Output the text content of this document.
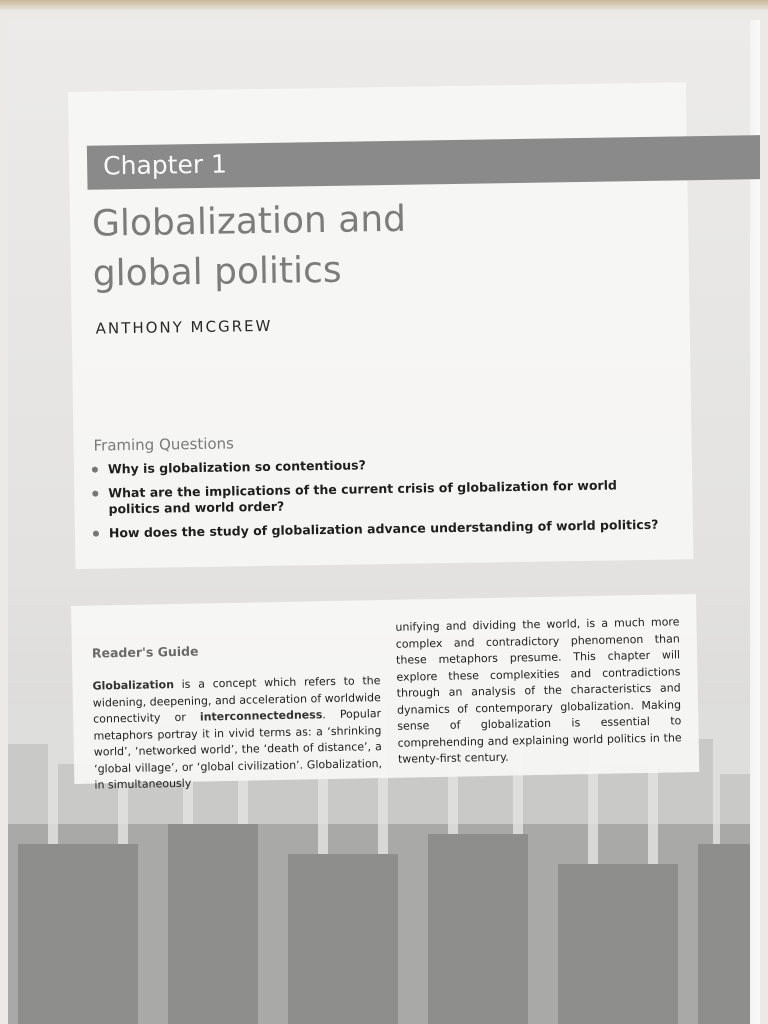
Chapter 1
Globalization and
global politics
ANTHONY MCGREW
Framing Questions
Why is globalization so contentious?
What are the implications of the current crisis of globalization for world politics and world order?
How does the study of globalization advance understanding of world politics?
Reader's Guide

Globalization is a concept which refers to the widening, deepening, and acceleration of worldwide connectivity or interconnectedness. Popular metaphors portray it in vivid terms as: a ‘shrinking world’, ‘networked world’, the ‘death of distance’, a ‘global village’, or ‘global civilization’. Globalization, in simultaneously

unifying and dividing the world, is a much more complex and contradictory phenomenon than these metaphors presume. This chapter will explore these complexities and contradictions through an analysis of the characteristics and dynamics of contemporary globalization. Making sense of globalization is essential to comprehending and explaining world politics in the twenty-first century.
